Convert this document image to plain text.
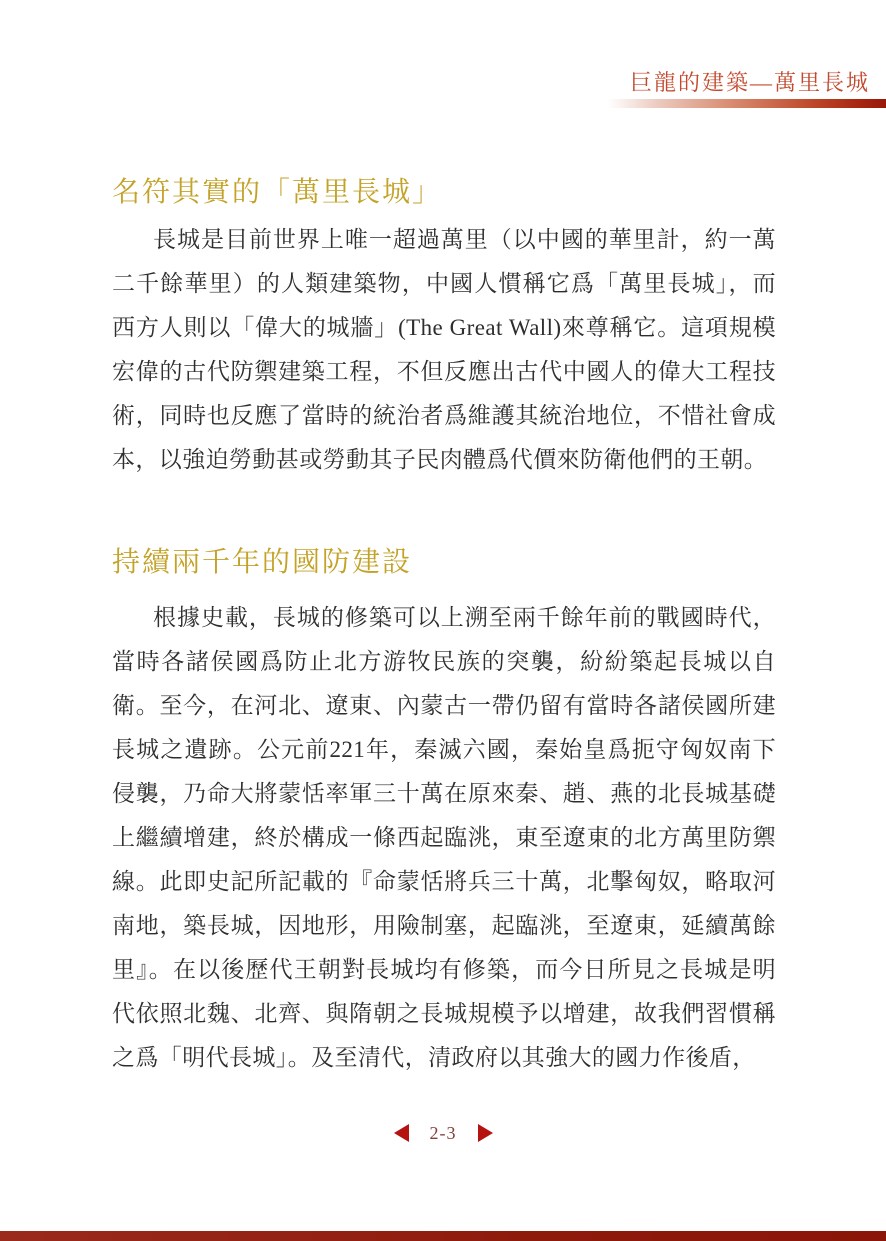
巨龍的建築—萬里長城
名符其實的「萬里長城」

長城是目前世界上唯一超過萬里（以中國的華里計，約一萬二千餘華里）的人類建築物，中國人慣稱它爲「萬里長城」，而西方人則以「偉大的城牆」(The Great Wall)來尊稱它。這項規模宏偉的古代防禦建築工程，不但反應出古代中國人的偉大工程技術，同時也反應了當時的統治者爲維護其統治地位，不惜社會成本，以強迫勞動甚或勞動其子民肉體爲代價來防衛他們的王朝。

持續兩千年的國防建設

根據史載，長城的修築可以上溯至兩千餘年前的戰國時代，當時各諸侯國爲防止北方游牧民族的突襲，紛紛築起長城以自衛。至今，在河北、遼東、內蒙古一帶仍留有當時各諸侯國所建長城之遺跡。公元前221年，秦滅六國，秦始皇爲扼守匈奴南下侵襲，乃命大將蒙恬率軍三十萬在原來秦、趙、燕的北長城基礎上繼續增建，終於構成一條西起臨洮，東至遼東的北方萬里防禦線。此即史記所記載的『命蒙恬將兵三十萬，北擊匈奴，略取河南地，築長城，因地形，用險制塞，起臨洮，至遼東，延續萬餘里』。在以後歷代王朝對長城均有修築，而今日所見之長城是明代依照北魏、北齊、與隋朝之長城規模予以增建，故我們習慣稱之爲「明代長城」。及至清代，清政府以其強大的國力作後盾，

2-3
